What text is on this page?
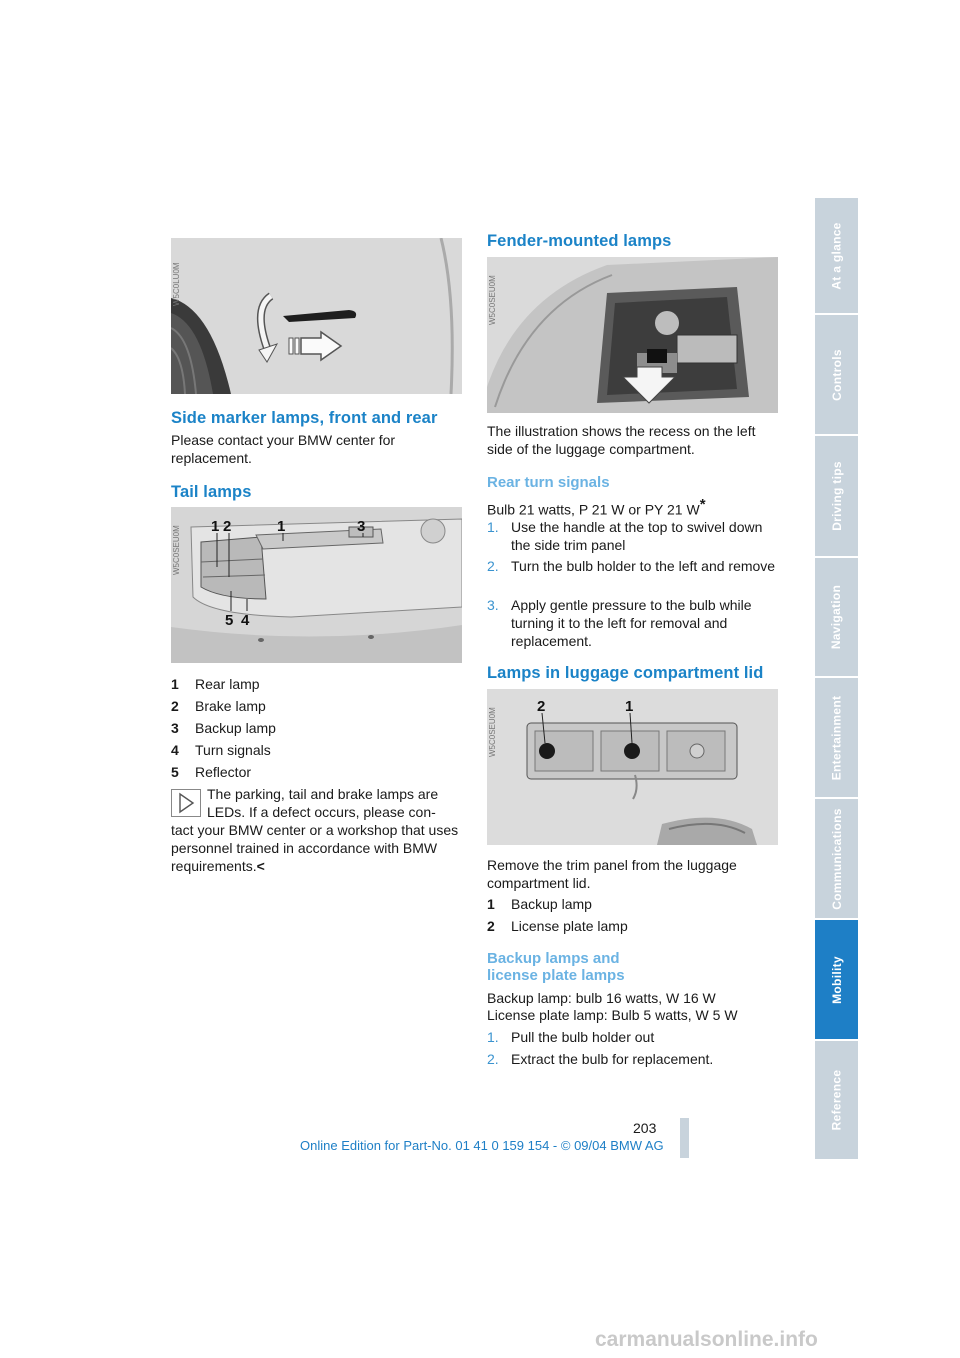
W5C0LU0M
Side marker lamps, front and rear

Please contact your BMW center for replacement.

Tail lamps
1 2	1	3
5 4
W5C0SEU0M
1 Rear lamp
2 Brake lamp
3 Backup lamp
4 Turn signals
5 Reflector
The parking, tail and brake lamps are
LEDs. If a defect occurs, please con-

tact your BMW center or a workshop that uses personnel trained in accordance with BMW requirements.<

Fender-mounted lamps
W5C0SEU0M

The illustration shows the recess on the left side of the luggage compartment.

Rear turn signals
Bulb 21 watts, P 21 W or PY 21 W*
1. Use the handle at the top to swivel down the side trim panel
2. Turn the bulb holder to the left and remove
3. Apply gentle pressure to the bulb while turning it to the left for removal and replacement.
Lamps in luggage compartment lid
2	1
W5C0SEU0M

Remove the trim panel from the luggage compartment lid.

1 Backup lamp
2 License plate lamp
Backup lamps and
license plate lamps
Backup lamp: bulb 16 watts, W 16 W
License plate lamp: Bulb 5 watts, W 5 W
1. Pull the bulb holder out
2. Extract the bulb for replacement.
At a glance
Controls
Driving tips
Navigation
Entertainment
Communications
Mobility
Reference
203
Online Edition for Part-No. 01 41 0 159 154 - © 09/04 BMW AG
carmanualsonline.info
